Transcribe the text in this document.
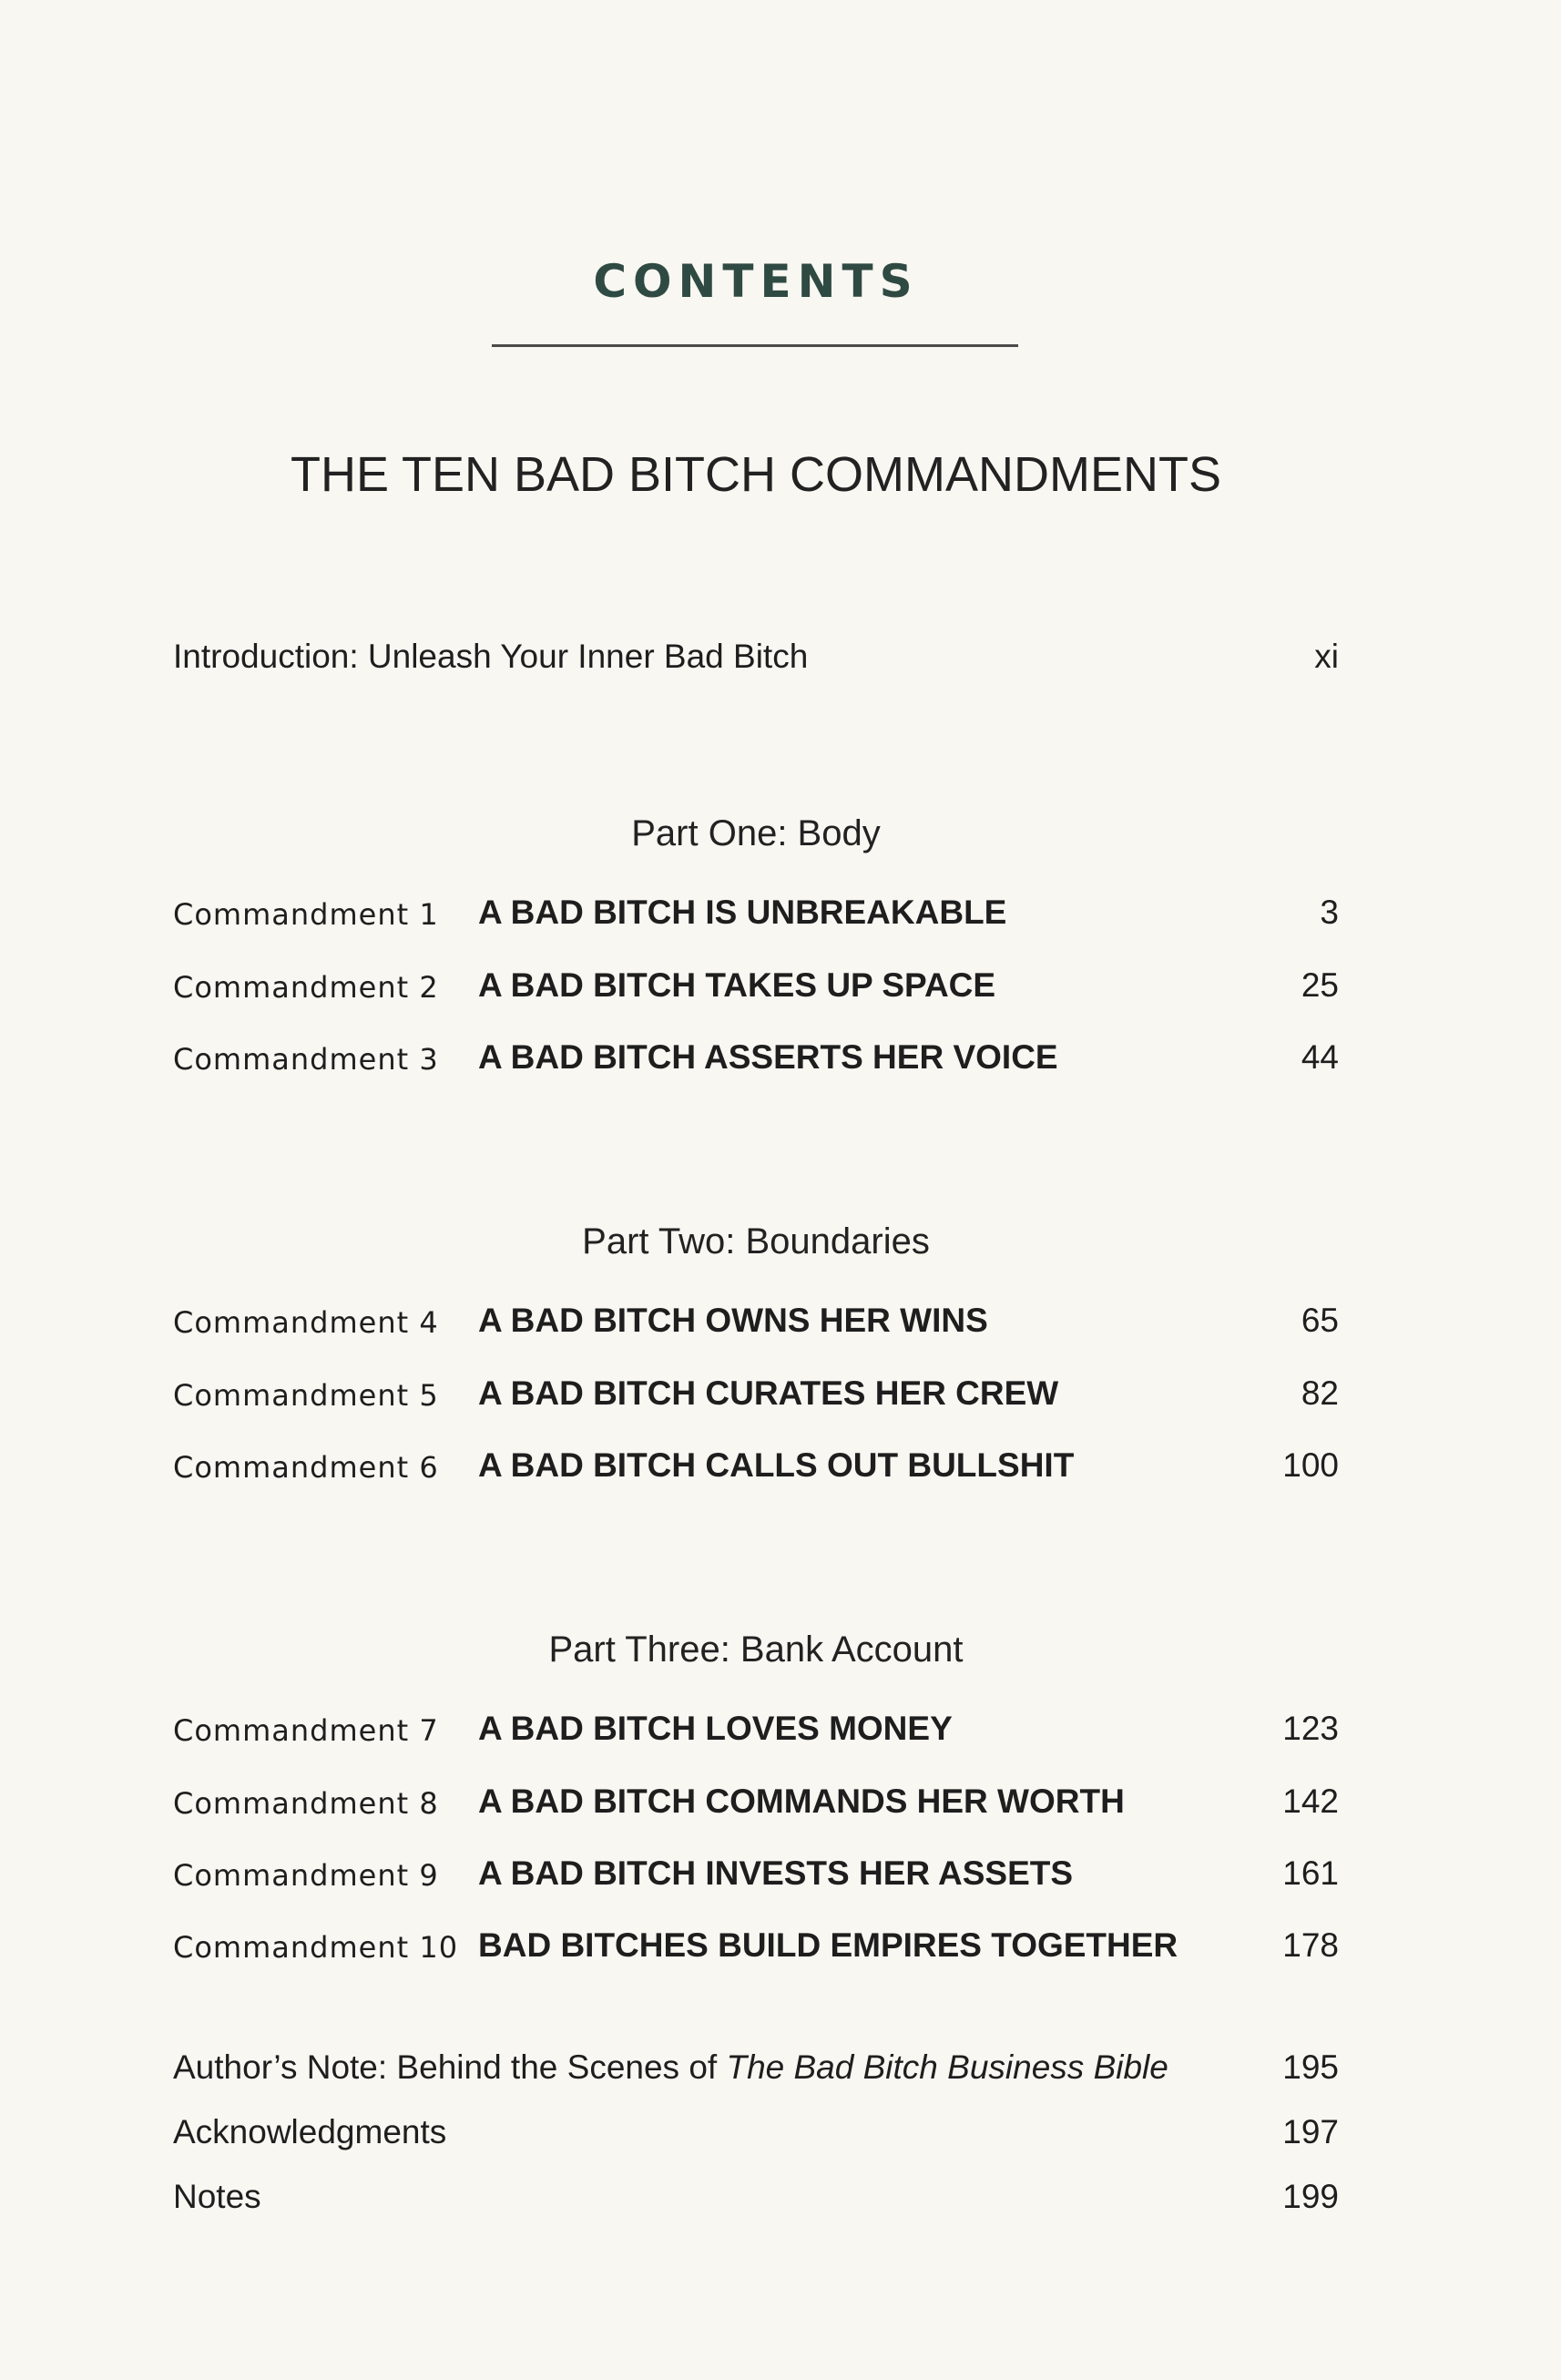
CONTENTS
THE TEN BAD BITCH COMMANDMENTS
Introduction: Unleash Your Inner Bad Bitch	xi
Part One: Body
Commandment 1 A BAD BITCH IS UNBREAKABLE	3
Commandment 2 A BAD BITCH TAKES UP SPACE	25
Commandment 3 A BAD BITCH ASSERTS HER VOICE	44
Part Two: Boundaries
Commandment 4 A BAD BITCH OWNS HER WINS	65
Commandment 5 A BAD BITCH CURATES HER CREW	82
Commandment 6 A BAD BITCH CALLS OUT BULLSHIT	100
Part Three: Bank Account
Commandment 7 A BAD BITCH LOVES MONEY	123
Commandment 8 A BAD BITCH COMMANDS HER WORTH	142
Commandment 9 A BAD BITCH INVESTS HER ASSETS	161
Commandment 10 BAD BITCHES BUILD EMPIRES TOGETHER	178
Author’s Note: Behind the Scenes of The Bad Bitch Business Bible	195
Acknowledgments	197
Notes	199
